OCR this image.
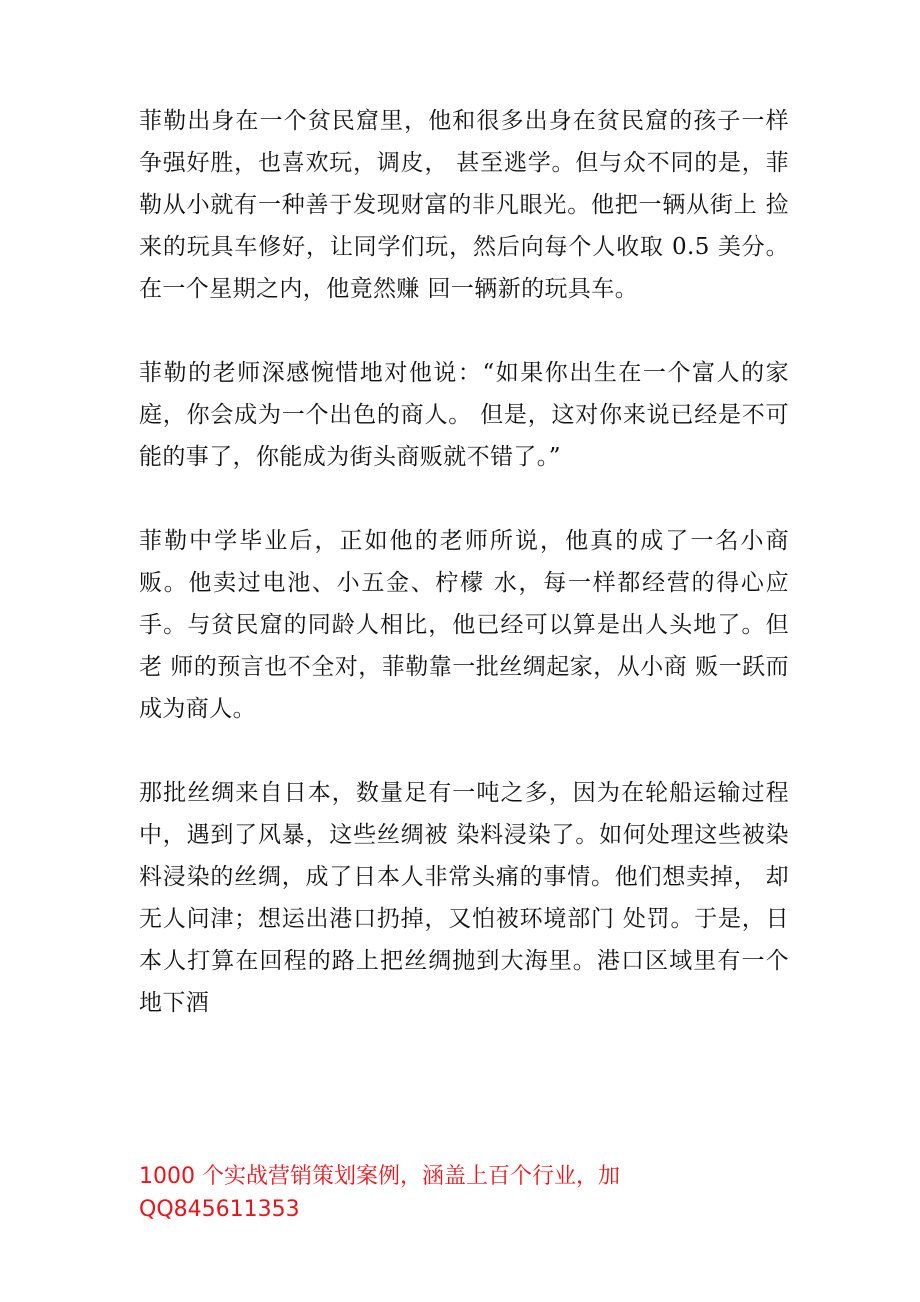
菲勒出身在一个贫民窟里，他和很多出身在贫民窟的孩子一样争强好胜，也喜欢玩，调皮， 甚至逃学。但与众不同的是，菲勒从小就有一种善于发现财富的非凡眼光。他把一辆从街上 捡来的玩具车修好，让同学们玩，然后向每个人收取 0.5 美分。在一个星期之内，他竟然赚 回一辆新的玩具车。

菲勒的老师深感惋惜地对他说：“如果你出生在一个富人的家庭，你会成为一个出色的商人。 但是，这对你来说已经是不可能的事了，你能成为街头商贩就不错了。”

菲勒中学毕业后，正如他的老师所说，他真的成了一名小商贩。他卖过电池、小五金、柠檬 水，每一样都经营的得心应手。与贫民窟的同龄人相比，他已经可以算是出人头地了。但老 师的预言也不全对，菲勒靠一批丝绸起家，从小商 贩一跃而成为商人。

那批丝绸来自日本，数量足有一吨之多，因为在轮船运输过程中，遇到了风暴，这些丝绸被 染料浸染了。如何处理这些被染料浸染的丝绸，成了日本人非常头痛的事情。他们想卖掉， 却无人问津；想运出港口扔掉，又怕被环境部门 处罚。于是，日本人打算在回程的路上把丝绸抛到大海里。港口区域里有一个地下酒

1000 个实战营销策划案例，涵盖上百个行业，加
QQ845611353
